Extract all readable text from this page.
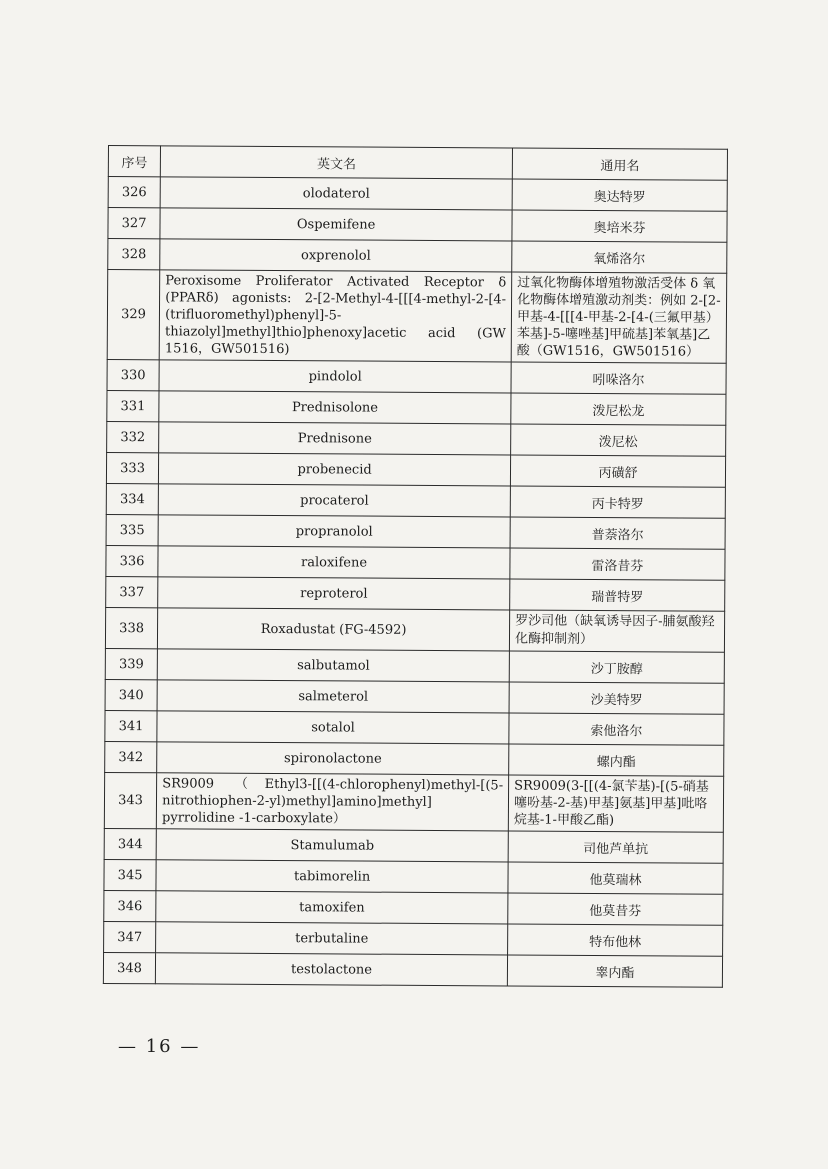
序号	英文名	通用名
326	olodaterol	奥达特罗
327	Ospemifene	奥培米芬
328	oxprenolol	氧烯洛尔
329	Peroxisome Proliferator Activated Receptor δ (PPARδ) agonists: 2-[2-Methyl-4-[[[4-methyl-2-[4-(trifluoromethyl)phenyl]-5-thiazolyl]methyl]thio]phenoxy]acetic acid (GW 1516，GW501516)	过氧化物酶体增殖物激活受体 δ 氧化物酶体增殖激动剂类：例如 2-[2-甲基-4-[[[4-甲基-2-[4-(三氟甲基）苯基]-5-噻唑基]甲硫基]苯氧基]乙酸（GW1516，GW501516）
330	pindolol	吲哚洛尔
331	Prednisolone	泼尼松龙
332	Prednisone	泼尼松
333	probenecid	丙磺舒
334	procaterol	丙卡特罗
335	propranolol	普萘洛尔
336	raloxifene	雷洛昔芬
337	reproterol	瑞普特罗
338	Roxadustat (FG-4592)	罗沙司他（缺氧诱导因子-脯氨酸羟化酶抑制剂）
339	salbutamol	沙丁胺醇
340	salmeterol	沙美特罗
341	sotalol	索他洛尔
342	spironolactone	螺内酯
343	SR9009 （Ethyl3-[[(4-chlorophenyl)methyl-[(5-nitrothiophen-2-yl)methyl]amino]methyl] pyrrolidine -1-carboxylate）	SR9009(3-[[(4-氯苄基)-[(5-硝基噻吩基-2-基)甲基]氨基]甲基]吡咯烷基-1-甲酸乙酯)
344	Stamulumab	司他芦单抗
345	tabimorelin	他莫瑞林
346	tamoxifen	他莫昔芬
347	terbutaline	特布他林
348	testolactone	睾内酯
— 16 —
